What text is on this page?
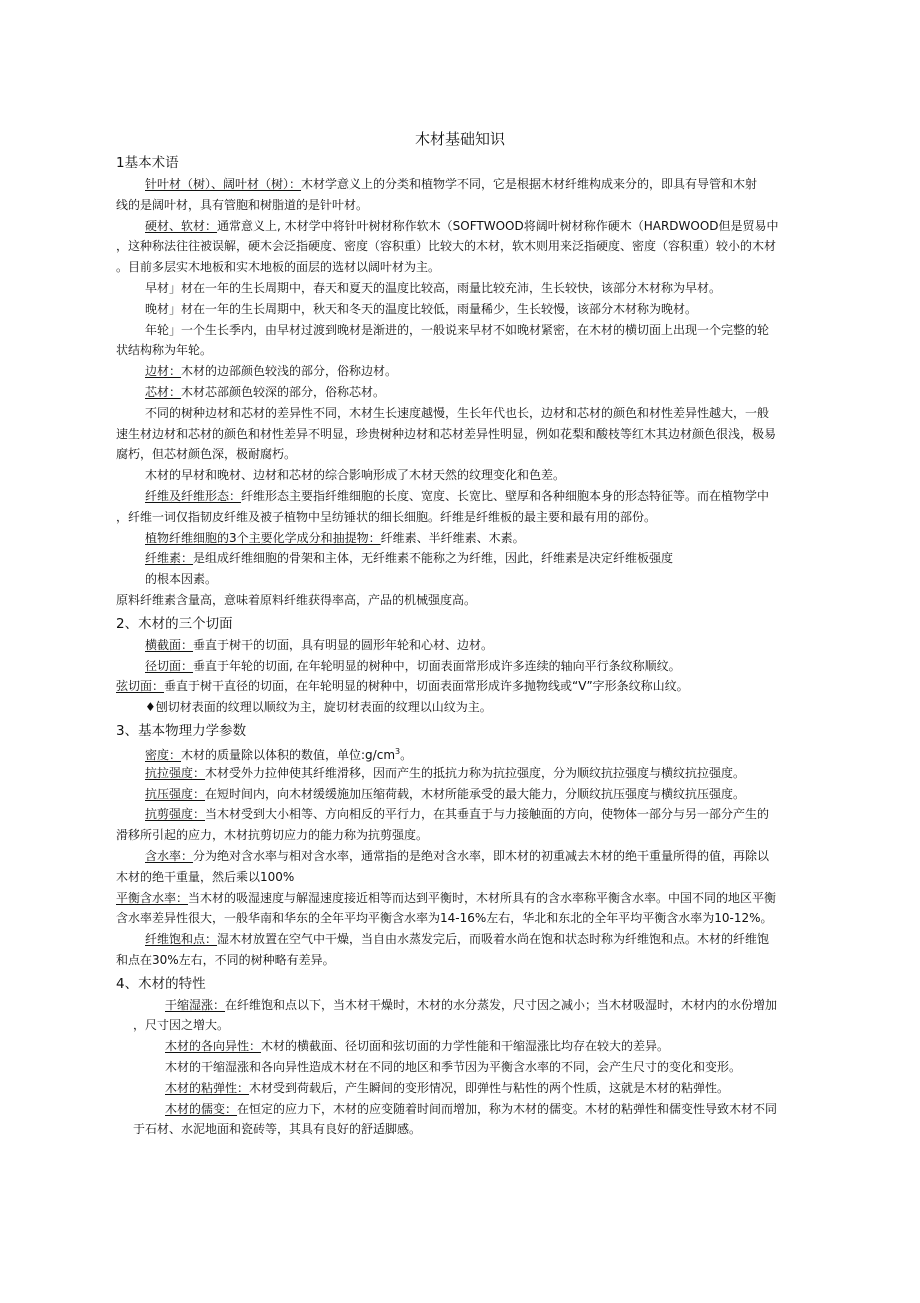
木材基础知识
1基本术语
针叶材（树）、阔叶材（树）：木材学意义上的分类和植物学不同，它是根据木材纤维构成来分的，即具有导管和木射
线的是阔叶材，具有管胞和树脂道的是针叶材。
硬材、软材：通常意义上, 木材学中将针叶树材称作软木（SOFTWOOD将阔叶树材称作硬木（HARDWOOD但是贸易中
，这种称法往往被误解，硬木会泛指硬度、密度（容积重）比较大的木材，软木则用来泛指硬度、密度（容积重）较小的木材
。目前多层实木地板和实木地板的面层的选材以阔叶材为主。
早材」材在一年的生长周期中，春天和夏天的温度比较高，雨量比较充沛，生长较快，该部分木材称为早材。
晚材」材在一年的生长周期中，秋天和冬天的温度比较低，雨量稀少，生长较慢，该部分木材称为晚材。
年轮」一个生长季内，由早材过渡到晚材是渐进的，一般说来早材不如晚材紧密，在木材的横切面上出现一个完整的轮
状结构称为年轮。
边材：木材的边部颜色较浅的部分，俗称边材。
芯材：木材芯部颜色较深的部分，俗称芯材。
不同的树种边材和芯材的差异性不同，木材生长速度越慢，生长年代也长，边材和芯材的颜色和材性差异性越大，一般
速生材边材和芯材的颜色和材性差异不明显，珍贵树种边材和芯材差异性明显，例如花梨和酸枝等红木其边材颜色很浅，极易
腐朽，但芯材颜色深，极耐腐朽。
木材的早材和晚材、边材和芯材的综合影响形成了木材天然的纹理变化和色差。
纤维及纤维形态：纤维形态主要指纤维细胞的长度、宽度、长宽比、壁厚和各种细胞本身的形态特征等。而在植物学中
，纤维一词仅指韧皮纤维及被子植物中呈纺锤状的细长细胞。纤维是纤维板的最主要和最有用的部份。
植物纤维细胞的3个主要化学成分和抽提物：纤维素、半纤维素、木素。
纤维素：是组成纤维细胞的骨架和主体，无纤维素不能称之为纤维，因此，纤维素是决定纤维板强度
的根本因素。
原料纤维素含量高，意味着原料纤维获得率高，产品的机械强度高。
2、木材的三个切面
横截面：垂直于树干的切面，具有明显的圆形年轮和心材、边材。
径切面：垂直于年轮的切面, 在年轮明显的树种中，切面表面常形成许多连续的轴向平行条纹称顺纹。
弦切面：垂直于树干直径的切面，在年轮明显的树种中，切面表面常形成许多抛物线或“V”字形条纹称山纹。
♦刨切材表面的纹理以顺纹为主，旋切材表面的纹理以山纹为主。
3、基本物理力学参数
密度：木材的质量除以体积的数值，单位$:g/cm^3$。
抗拉强度：木材受外力拉伸使其纤维滑移，因而产生的抵抗力称为抗拉强度，分为顺纹抗拉强度与横纹抗拉强度。
抗压强度：在短时间内，向木材缓缓施加压缩荷载，木材所能承受的最大能力，分顺纹抗压强度与横纹抗压强度。
抗剪强度：当木材受到大小相等、方向相反的平行力，在其垂直于与力接触面的方向，使物体一部分与另一部分产生的
滑移所引起的应力，木材抗剪切应力的能力称为抗剪强度。
含水率：分为绝对含水率与相对含水率，通常指的是绝对含水率，即木材的初重减去木材的绝干重量所得的值，再除以
木材的绝干重量，然后乘以100%
平衡含水率：当木材的吸湿速度与解湿速度接近相等而达到平衡时，木材所具有的含水率称平衡含水率。中国不同的地区平衡
含水率差异性很大，一般华南和华东的全年平均平衡含水率为14-16%左右，华北和东北的全年平均平衡含水率为10-12%。
纤维饱和点：湿木材放置在空气中干燥，当自由水蒸发完后，而吸着水尚在饱和状态时称为纤维饱和点。木材的纤维饱
和点在30%左右，不同的树种略有差异。
4、木材的特性
干缩湿涨：在纤维饱和点以下，当木材干燥时，木材的水分蒸发，尺寸因之减小；当木材吸湿时，木材内的水份增加
，尺寸因之增大。
木材的各向异性：木材的横截面、径切面和弦切面的力学性能和干缩湿涨比均存在较大的差异。
木材的干缩湿涨和各向异性造成木材在不同的地区和季节因为平衡含水率的不同，会产生尺寸的变化和变形。
木材的粘弹性：木材受到荷载后，产生瞬间的变形情况，即弹性与粘性的两个性质，这就是木材的粘弹性。
木材的儒变：在恒定的应力下，木材的应变随着时间而增加，称为木材的儒变。木材的粘弹性和儒变性导致木材不同
于石材、水泥地面和瓷砖等，其具有良好的舒适脚感。
